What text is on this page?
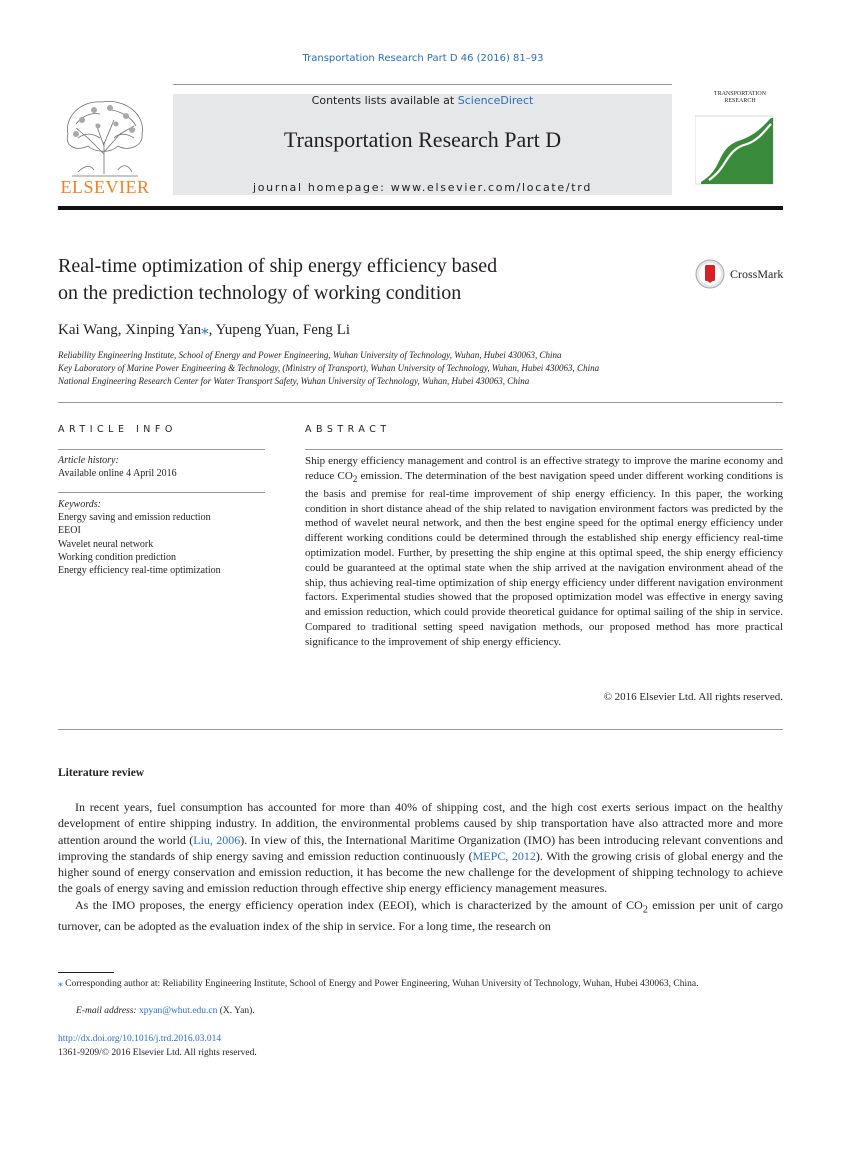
Transportation Research Part D 46 (2016) 81–93
Contents lists available at ScienceDirect
Transportation Research Part D
journal homepage: www.elsevier.com/locate/trd
ELSEVIER
TRANSPORTATION
RESEARCH
Real-time optimization of ship energy efficiency based
on the prediction technology of working condition
CrossMark
Kai Wang, Xinping Yan⁎, Yupeng Yuan, Feng Li
Reliability Engineering Institute, School of Energy and Power Engineering, Wuhan University of Technology, Wuhan, Hubei 430063, China
Key Laboratory of Marine Power Engineering & Technology, (Ministry of Transport), Wuhan University of Technology, Wuhan, Hubei 430063, China
National Engineering Research Center for Water Transport Safety, Wuhan University of Technology, Wuhan, Hubei 430063, China
ARTICLE INFO
Article history:
Available online 4 April 2016
Keywords:
Energy saving and emission reduction
EEOI
Wavelet neural network
Working condition prediction
Energy efficiency real-time optimization
ABSTRACT
Ship energy efficiency management and control is an effective strategy to improve the marine economy and reduce $CO_2$ emission. The determination of the best navigation speed under different working conditions is the basis and premise for real-time improvement of ship energy efficiency. In this paper, the working condition in short distance ahead of the ship related to navigation environment factors was predicted by the method of wavelet neural network, and then the best engine speed for the optimal energy efficiency under different working conditions could be determined through the established ship energy efficiency real-time optimization model. Further, by presetting the ship engine at this optimal speed, the ship energy efficiency could be guaranteed at the optimal state when the ship arrived at the navigation environment ahead of the ship, thus achieving real-time optimization of ship energy efficiency under different navigation environment factors. Experimental studies showed that the proposed optimization model was effective in energy saving and emission reduction, which could provide theoretical guidance for optimal sailing of the ship in service. Compared to traditional setting speed navigation methods, our proposed method has more practical significance to the improvement of ship energy efficiency.
© 2016 Elsevier Ltd. All rights reserved.
Literature review

In recent years, fuel consumption has accounted for more than 40% of shipping cost, and the high cost exerts serious impact on the healthy development of entire shipping industry. In addition, the environmental problems caused by ship transportation have also attracted more and more attention around the world (Liu, 2006). In view of this, the International Maritime Organization (IMO) has been introducing relevant conventions and improving the standards of ship energy saving and emission reduction continuously (MEPC, 2012). With the growing crisis of global energy and the higher sound of energy conservation and emission reduction, it has become the new challenge for the development of shipping technology to achieve the goals of energy saving and emission reduction through effective ship energy efficiency management measures.

As the IMO proposes, the energy efficiency operation index (EEOI), which is characterized by the amount of $CO_2$ emission per unit of cargo turnover, can be adopted as the evaluation index of the ship in service. For a long time, the research on

⁎ Corresponding author at: Reliability Engineering Institute, School of Energy and Power Engineering, Wuhan University of Technology, Wuhan, Hubei 430063, China.
E-mail address: xpyan@whut.edu.cn (X. Yan).
http://dx.doi.org/10.1016/j.trd.2016.03.014
1361-9209/© 2016 Elsevier Ltd. All rights reserved.
